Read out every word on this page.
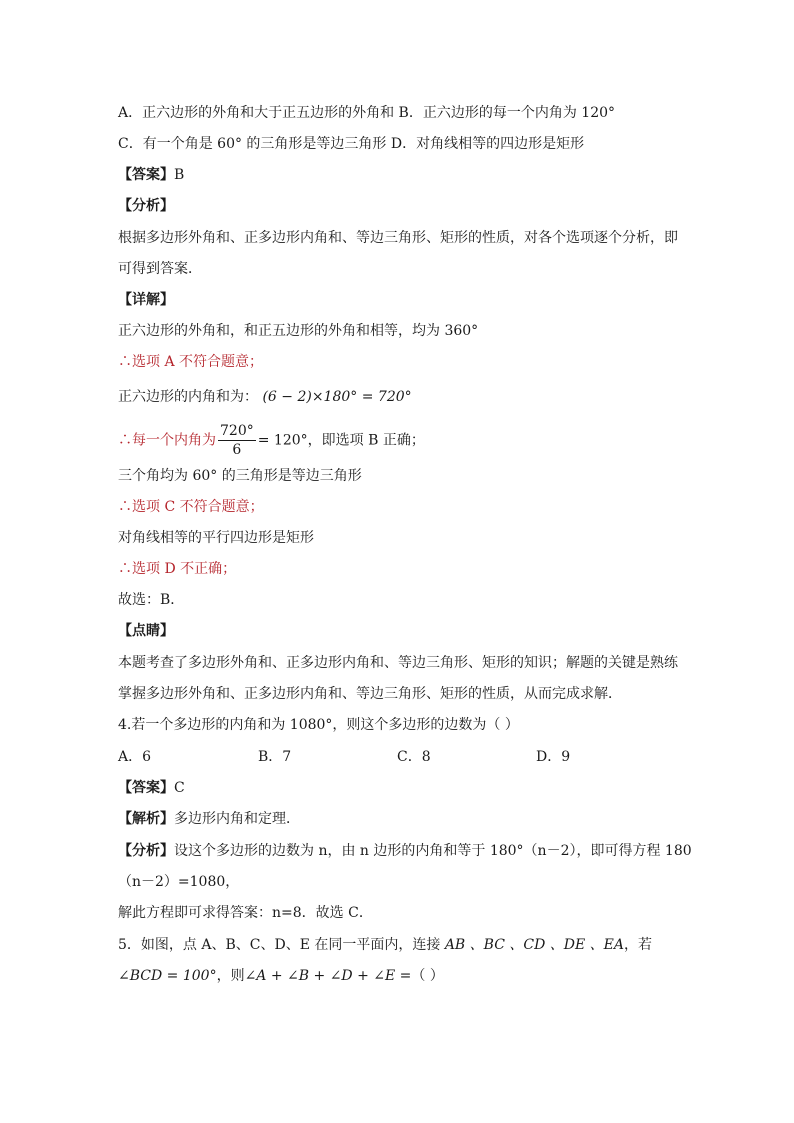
A．正六边形的外角和大于正五边形的外角和 B．正六边形的每一个内角为 120°
C．有一个角是 60° 的三角形是等边三角形 D．对角线相等的四边形是矩形
【答案】B
【分析】
根据多边形外角和、正多边形内角和、等边三角形、矩形的性质，对各个选项逐个分析，即
可得到答案．
【详解】
正六边形的外角和，和正五边形的外角和相等，均为 360°
∴选项 A 不符合题意；
正六边形的内角和为： (6 − 2)×180° = 720°
∴每一个内角为 $\frac{720^\circ}{6} = 120^\circ$，即选项 B 正确；
三个角均为 60° 的三角形是等边三角形
∴选项 C 不符合题意；
对角线相等的平行四边形是矩形
∴选项 D 不正确；
故选：B．
【点睛】
本题考查了多边形外角和、正多边形内角和、等边三角形、矩形的知识；解题的关键是熟练
掌握多边形外角和、正多边形内角和、等边三角形、矩形的性质，从而完成求解．
4.若一个多边形的内角和为 1080°，则这个多边形的边数为（ ）
A．6	B．7	C．8	D．9
【答案】C
【解析】多边形内角和定理．
【分析】设这个多边形的边数为 n，由 n 边形的内角和等于 180°（n－2），即可得方程 180
（n－2）=1080，
解此方程即可求得答案：n=8．故选 C．
5．如图，点 A、B、C、D、E 在同一平面内，连接 AB 、BC 、CD 、DE 、EA，若
∠BCD = 100°，则∠A + ∠B + ∠D + ∠E =（ ）
